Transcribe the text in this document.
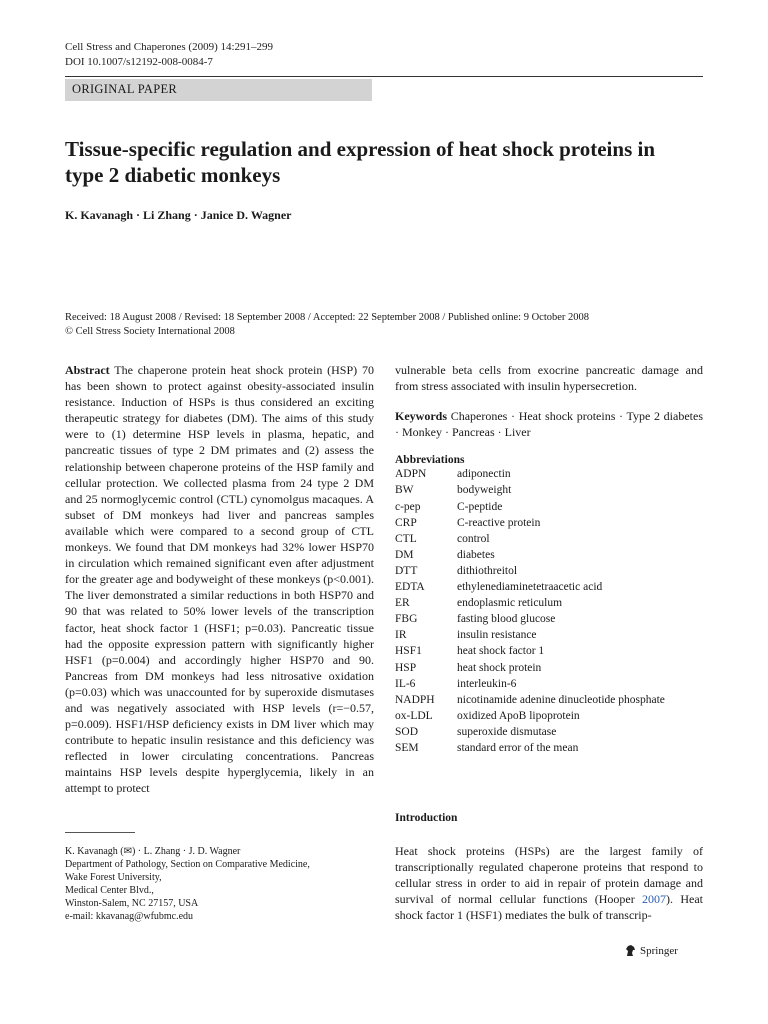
Cell Stress and Chaperones (2009) 14:291–299
DOI 10.1007/s12192-008-0084-7
ORIGINAL PAPER
Tissue-specific regulation and expression of heat shock proteins in type 2 diabetic monkeys
K. Kavanagh · Li Zhang · Janice D. Wagner
Received: 18 August 2008 / Revised: 18 September 2008 / Accepted: 22 September 2008 / Published online: 9 October 2008
© Cell Stress Society International 2008
Abstract The chaperone protein heat shock protein (HSP) 70 has been shown to protect against obesity-associated insulin resistance. Induction of HSPs is thus considered an exciting therapeutic strategy for diabetes (DM). The aims of this study were to (1) determine HSP levels in plasma, hepatic, and pancreatic tissues of type 2 DM primates and (2) assess the relationship between chaperone proteins of the HSP family and cellular protection. We collected plasma from 24 type 2 DM and 25 normoglycemic control (CTL) cynomolgus macaques. A subset of DM monkeys had liver and pancreas samples available which were compared to a second group of CTL monkeys. We found that DM monkeys had 32% lower HSP70 in circulation which remained significant even after adjustment for the greater age and bodyweight of these monkeys (p<0.001). The liver demonstrated a similar reductions in both HSP70 and 90 that was related to 50% lower levels of the transcription factor, heat shock factor 1 (HSF1; p=0.03). Pancreatic tissue had the opposite expression pattern with significantly higher HSF1 (p=0.004) and accordingly higher HSP70 and 90. Pancreas from DM monkeys had less nitrosative oxidation (p=0.03) which was unaccounted for by superoxide dismutases and was negatively associated with HSP levels (r=−0.57, p=0.009). HSF1/HSP deficiency exists in DM liver which may contribute to hepatic insulin resistance and this deficiency was reflected in lower circulating concentrations. Pancreas maintains HSP levels despite hyperglycemia, likely in an attempt to protect
vulnerable beta cells from exocrine pancreatic damage and from stress associated with insulin hypersecretion.
Keywords Chaperones · Heat shock proteins · Type 2 diabetes · Monkey · Pancreas · Liver
Abbreviations
ADPN	adiponectin
BW	bodyweight
c-pep	C-peptide
CRP	C-reactive protein
CTL	control
DM	diabetes
DTT	dithiothreitol
EDTA	ethylenediaminetetraacetic acid
ER	endoplasmic reticulum
FBG	fasting blood glucose
IR	insulin resistance
HSF1	heat shock factor 1
HSP	heat shock protein
IL-6	interleukin-6
NADPH	nicotinamide adenine dinucleotide phosphate
ox-LDL	oxidized ApoB lipoprotein
SOD	superoxide dismutase
SEM	standard error of the mean
Introduction
Heat shock proteins (HSPs) are the largest family of transcriptionally regulated chaperone proteins that respond to cellular stress in order to aid in repair of protein damage and survival of normal cellular functions (Hooper 2007). Heat shock factor 1 (HSF1) mediates the bulk of transcrip-
K. Kavanagh (✉) · L. Zhang · J. D. Wagner
Department of Pathology, Section on Comparative Medicine,
Wake Forest University,
Medical Center Blvd.,
Winston-Salem, NC 27157, USA
e-mail: kkavanag@wfubmc.edu
Springer
